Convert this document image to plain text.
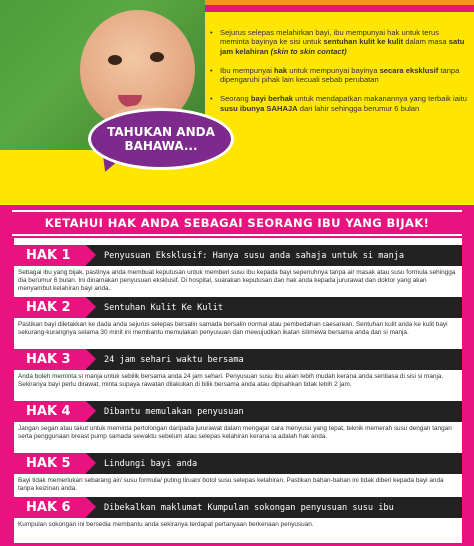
TAHUKAN ANDA
BAHAWA...
• Sejurus selepas melahirkan bayi, ibu mempunyai hak untuk terus meminta bayinya ke sisi untuk sentuhan kulit ke kulit dalam masa satu jam kelahiran (skin to skin contact)
• Ibu mempunyai hak untuk mempunyai bayinya secara eksklusif tanpa dipengaruhi pihak lain kecuali sebab perubatan
• Seorang bayi berhak untuk mendapatkan makanannya yang terbaik iaitu susu ibunya SAHAJA dari lahir sehingga berumur 6 bulan
KETAHUI HAK ANDA SEBAGAI SEORANG IBU YANG BIJAK!
HAK 1	Penyusuan Eksklusif: Hanya susu anda sahaja untuk si manja
Sebagai ibu yang bijak, pastinya anda membuat keputusan untuk memberi susu ibu kepada bayi sepenuhnya tanpa air masak atau susu formula sehingga dia berumur 6 bulan. Ini dinamakan penyusuan eksklusif. Di hospital, suarakan keputusan dan hak anda kepada jururawat dan doktor yang akan menyambut kelahiran bayi anda.
HAK 2	Sentuhan Kulit Ke Kulit
Pastikan bayi diletakkan ke dada anda sejurus selepas bersalin samada bersalin normal atau pembedahan caesarean. Sentuhan kulit anda ke kulit bayi sekurang-kurangnya selama 30 minit ini membantu memulakan penyusuan dan mewujudkan ikatan istimewa bersama anda dan si manja.
HAK 3	24 jam sehari waktu bersama
Anda boleh meminta si manja untuk sebilik bersama anda 24 jam sehari. Penyusuan susu ibu akan lebih mudah kerana anda sentiasa di sisi si manja. Sekiranya bayi perlu dirawat, minta supaya rawatan dilakukan di bilik bersama anda atau dipisahkan tidak lebih 2 jam.
HAK 4	Dibantu memulakan penyusuan
Jangan segan atau takut untuk meminta pertolongan daripada jururawat dalam mengajar cara menyusu yang tepat, teknik memerah susu dengan tangan serta penggunaan breast pump samada sewaktu sebelum atau selepas kelahiran kerana ia adalah hak anda.
HAK 5	Lindungi bayi anda
Bayi tidak memerlukan sebarang air/ susu formula/ puting tiruan/ botol susu selepas kelahiran. Pastikan bahan-bahan ini tidak diberi kepada bayi anda tanpa keizinan anda.
HAK 6	Dibekalkan maklumat Kumpulan sokongan penyusuan susu ibu
Kumpulan sokongan ini bersedia membantu anda sekiranya terdapat pertanyaan berkenaan penyusuan.
